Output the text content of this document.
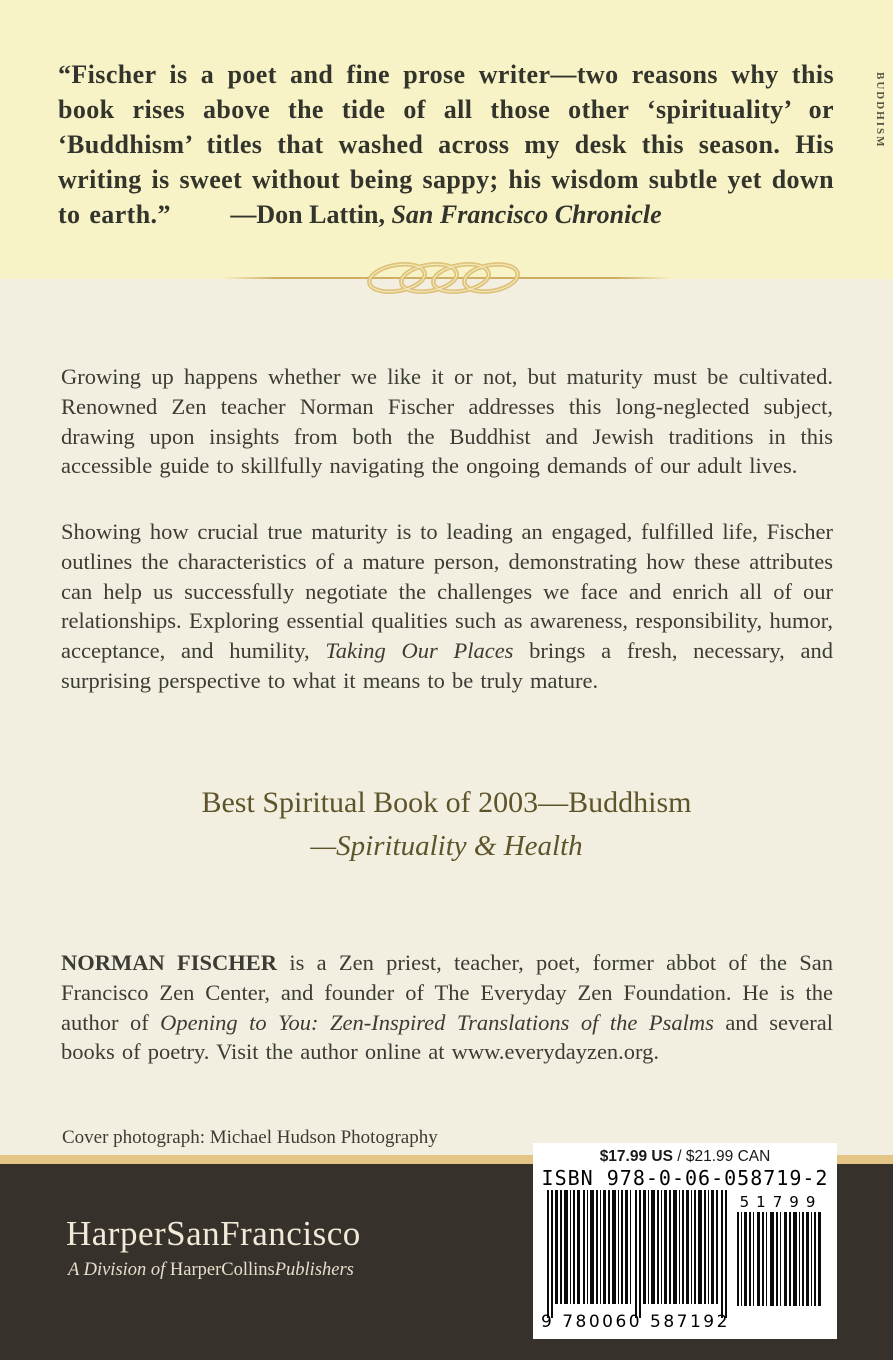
“Fischer is a poet and fine prose writer—two reasons why this book rises above the tide of all those other ‘spirituality’ or ‘Buddhism’ titles that washed across my desk this season. His writing is sweet without being sappy; his wisdom subtle yet down to earth.”	—Don Lattin, San Francisco Chronicle
BUDDHISM
Growing up happens whether we like it or not, but maturity must be cultivated. Renowned Zen teacher Norman Fischer addresses this long-neglected subject, drawing upon insights from both the Buddhist and Jewish traditions in this accessible guide to skillfully navigating the ongoing demands of our adult lives.
Showing how crucial true maturity is to leading an engaged, fulfilled life, Fischer outlines the characteristics of a mature person, demonstrating how these attributes can help us successfully negotiate the challenges we face and enrich all of our relationships. Exploring essential qualities such as awareness, responsibility, humor, acceptance, and humility, Taking Our Places brings a fresh, necessary, and surprising perspective to what it means to be truly mature.
Best Spiritual Book of 2003—Buddhism
—Spirituality & Health
NORMAN FISCHER is a Zen priest, teacher, poet, former abbot of the San Francisco Zen Center, and founder of The Everyday Zen Foundation. He is the author of Opening to You: Zen-Inspired Translations of the Psalms and several books of poetry. Visit the author online at www.everydayzen.org.
Cover photograph: Michael Hudson Photography
HarperSanFrancisco
A Division of HarperCollinsPublishers
$17.99 US / $21.99 CAN
ISBN 978-0-06-058719-2
51799
9 780060 587192
